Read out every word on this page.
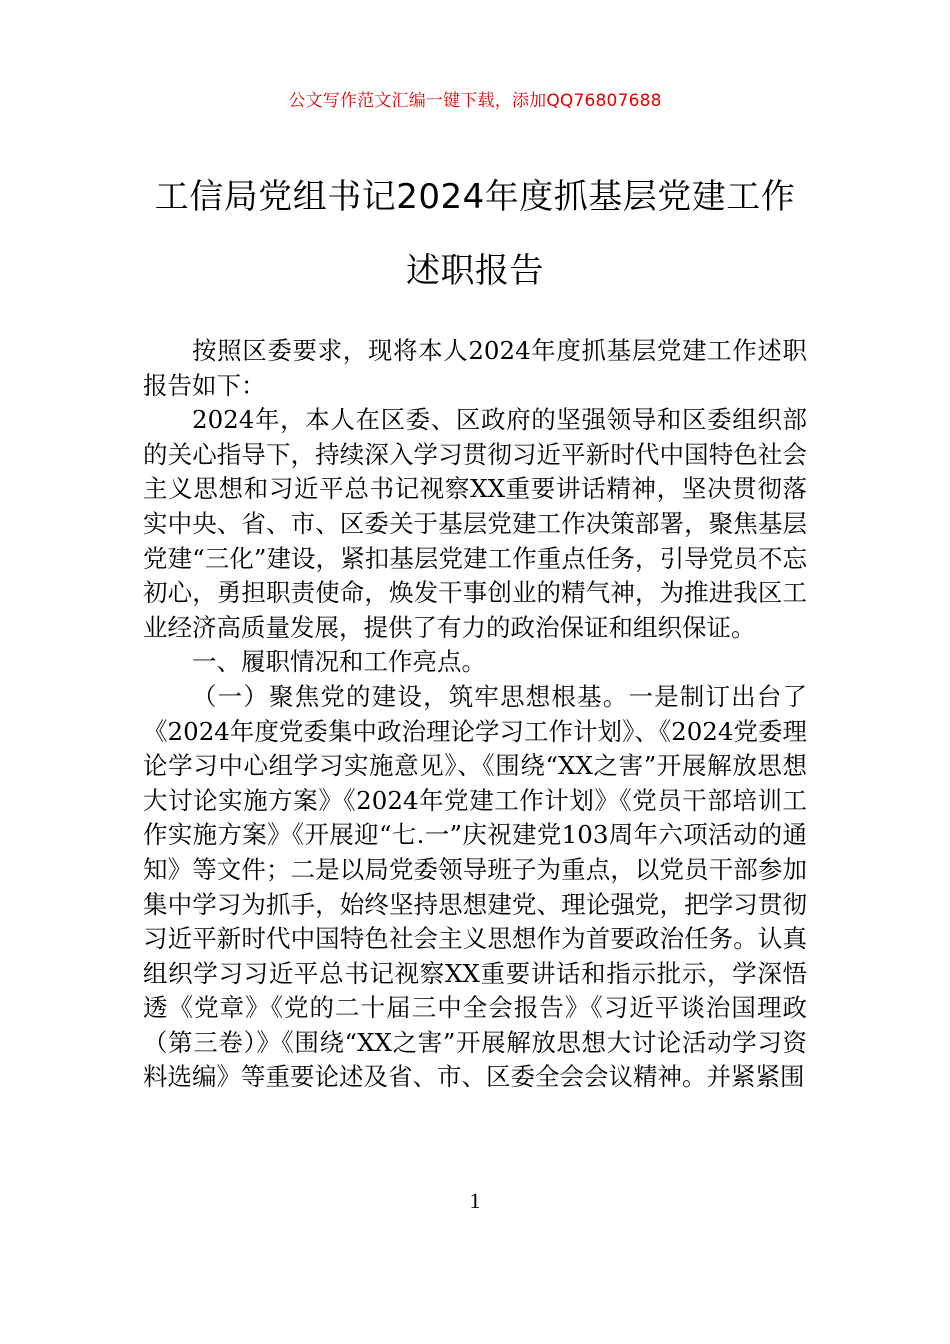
公文写作范文汇编一键下载，添加QQ76807688
工信局党组书记2024年度抓基层党建工作
述职报告

按照区委要求，现将本人2024年度抓基层党建工作述职报告如下：

2024年，本人在区委、区政府的坚强领导和区委组织部的关心指导下，持续深入学习贯彻习近平新时代中国特色社会主义思想和习近平总书记视察XX重要讲话精神，坚决贯彻落实中央、省、市、区委关于基层党建工作决策部署，聚焦基层党建“三化”建设，紧扣基层党建工作重点任务，引导党员不忘初心，勇担职责使命，焕发干事创业的精气神，为推进我区工业经济高质量发展，提供了有力的政治保证和组织保证。

一、履职情况和工作亮点。

（一）聚焦党的建设，筑牢思想根基。一是制订出台了《2024年度党委集中政治理论学习工作计划》、《2024党委理论学习中心组学习实施意见》、《围绕“XX之害”开展解放思想大讨论实施方案》《2024年党建工作计划》《党员干部培训工作实施方案》《开展迎“七.一”庆祝建党103周年六项活动的通知》等文件；二是以局党委领导班子为重点，以党员干部参加集中学习为抓手，始终坚持思想建党、理论强党，把学习贯彻习近平新时代中国特色社会主义思想作为首要政治任务。认真组织学习习近平总书记视察XX重要讲话和指示批示，学深悟透《党章》《党的二十届三中全会报告》《习近平谈治国理政（第三卷）》《围绕“XX之害”开展解放思想大讨论活动学习资料选编》等重要论述及省、市、区委全会会议精神。并紧紧围

1
